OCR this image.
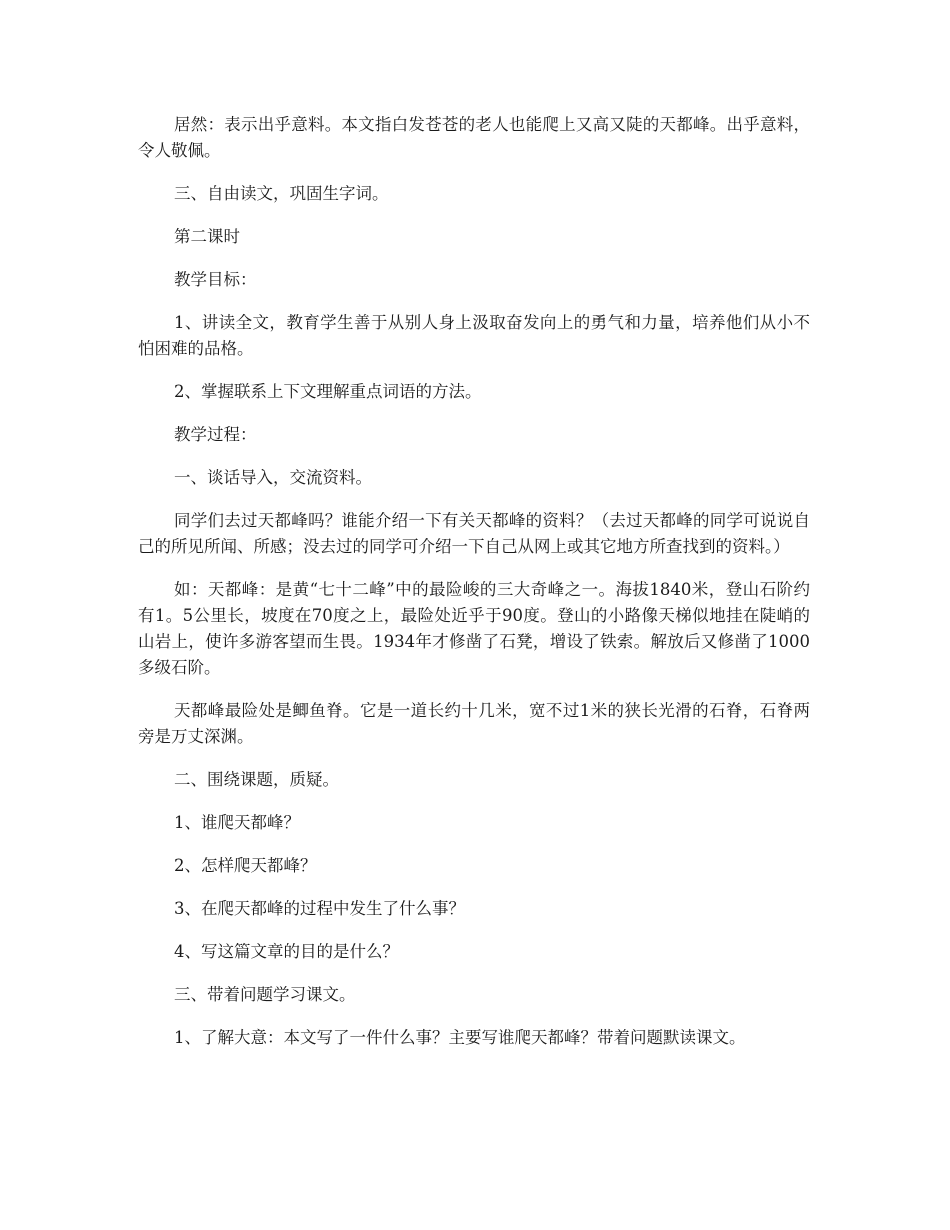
居然：表示出乎意料。本文指白发苍苍的老人也能爬上又高又陡的天都峰。出乎意料，令人敬佩。

三、自由读文，巩固生字词。

第二课时

教学目标：

1、讲读全文，教育学生善于从别人身上汲取奋发向上的勇气和力量，培养他们从小不怕困难的品格。

2、掌握联系上下文理解重点词语的方法。

教学过程：

一、谈话导入，交流资料。

同学们去过天都峰吗？谁能介绍一下有关天都峰的资料？（去过天都峰的同学可说说自己的所见所闻、所感；没去过的同学可介绍一下自己从网上或其它地方所查找到的资料。）

如：天都峰：是黄“七十二峰”中的最险峻的三大奇峰之一。海拔1840米，登山石阶约有1。5公里长，坡度在70度之上，最险处近乎于90度。登山的小路像天梯似地挂在陡峭的山岩上，使许多游客望而生畏。1934年才修凿了石凳，增设了铁索。解放后又修凿了1000多级石阶。

天都峰最险处是鲫鱼脊。它是一道长约十几米，宽不过1米的狭长光滑的石脊，石脊两旁是万丈深渊。

二、围绕课题，质疑。

1、谁爬天都峰？

2、怎样爬天都峰？

3、在爬天都峰的过程中发生了什么事？

4、写这篇文章的目的是什么？

三、带着问题学习课文。

1、了解大意：本文写了一件什么事？主要写谁爬天都峰？带着问题默读课文。
